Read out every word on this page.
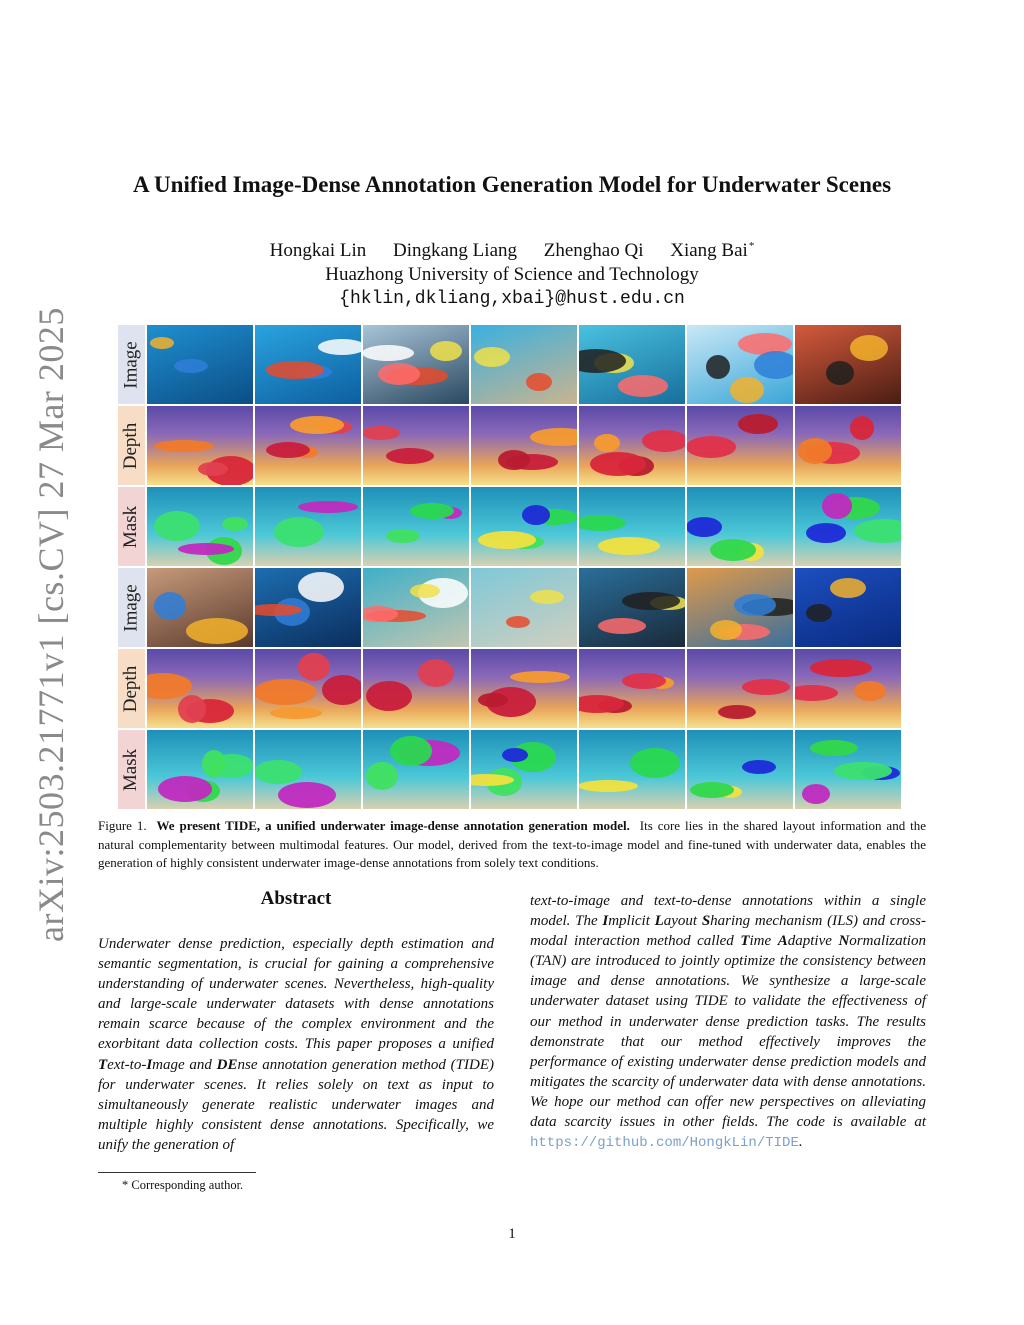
arXiv:2503.21771v1 [cs.CV] 27 Mar 2025
A Unified Image-Dense Annotation Generation Model for Underwater Scenes
Hongkai Lin Dingkang Liang Zhenghao Qi Xiang Bai*
Huazhong University of Science and Technology
{hklin,dkliang,xbai}@hust.edu.cn
Image
Depth
Mask
Image
Depth
Mask
Figure 1. We present TIDE, a unified underwater image-dense annotation generation model. Its core lies in the shared layout information and the natural complementarity between multimodal features. Our model, derived from the text-to-image model and fine-tuned with underwater data, enables the generation of highly consistent underwater image-dense annotations from solely text conditions.
Abstract
Underwater dense prediction, especially depth estimation and semantic segmentation, is crucial for gaining a comprehensive understanding of underwater scenes. Nevertheless, high-quality and large-scale underwater datasets with dense annotations remain scarce because of the complex environment and the exorbitant data collection costs. This paper proposes a unified Text-to-Image and DEnse annotation generation method (TIDE) for underwater scenes. It relies solely on text as input to simultaneously generate realistic underwater images and multiple highly consistent dense annotations. Specifically, we unify the generation of
text-to-image and text-to-dense annotations within a single model. The Implicit Layout Sharing mechanism (ILS) and cross-modal interaction method called Time Adaptive Normalization (TAN) are introduced to jointly optimize the consistency between image and dense annotations. We synthesize a large-scale underwater dataset using TIDE to validate the effectiveness of our method in underwater dense prediction tasks. The results demonstrate that our method effectively improves the performance of existing underwater dense prediction models and mitigates the scarcity of underwater data with dense annotations. We hope our method can offer new perspectives on alleviating data scarcity issues in other fields. The code is available at https://github.com/HongkLin/TIDE.
* Corresponding author.
1
